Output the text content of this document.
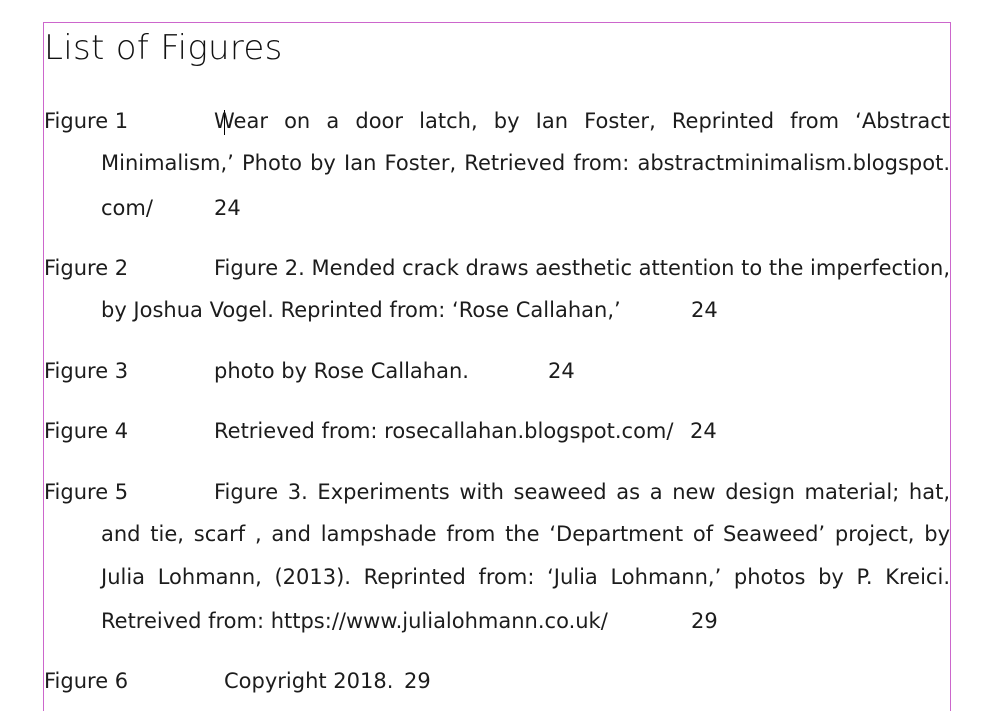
List of Figures
Figure 1	Wear on a door latch, by Ian Foster, Reprinted from ‘Abstract
Minimalism,’ Photo by Ian Foster, Retrieved from: abstractminimalism.blogspot.
com/	24
Figure 2	Figure 2. Mended crack draws aesthetic attention to the imperfection,
by Joshua Vogel. Reprinted from: ‘Rose Callahan,’	24
Figure 3	photo by Rose Callahan.	24
Figure 4	Retrieved from: rosecallahan.blogspot.com/ 24
Figure 5	Figure 3. Experiments with seaweed as a new design material; hat,
and tie, scarf , and lampshade from the ‘Department of Seaweed’ project, by
Julia Lohmann, (2013). Reprinted from: ‘Julia Lohmann,’ photos by P. Kreici.
Retreived from: https://www.julialohmann.co.uk/	29
Figure 6	Copyright 2018. 29
